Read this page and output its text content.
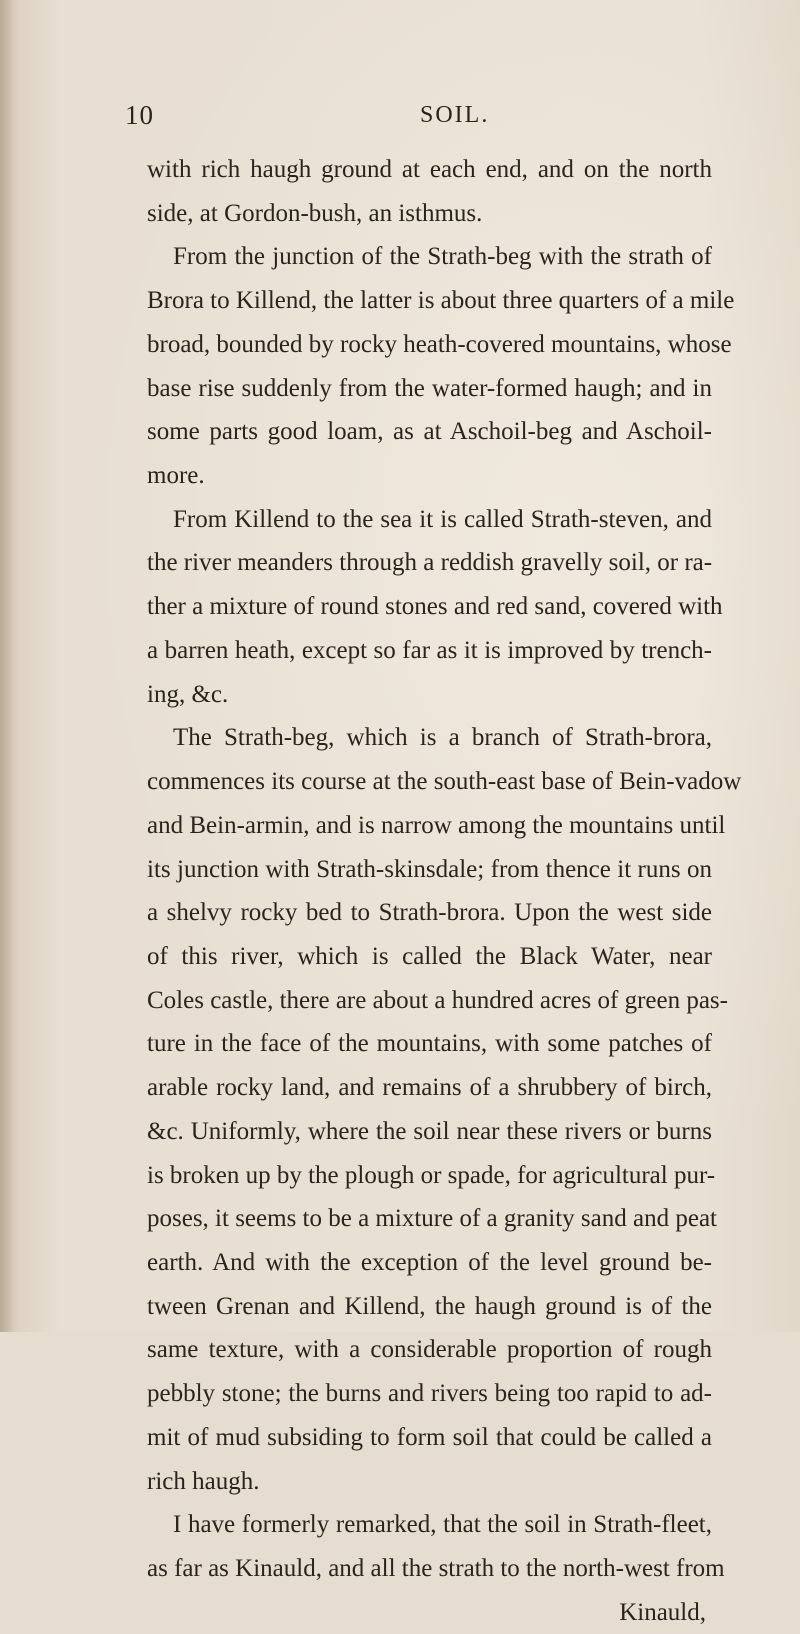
10	SOIL.
with rich haugh ground at each end, and on the north
side, at Gordon-bush, an isthmus.
From the junction of the Strath-beg with the strath of
Brora to Killend, the latter is about three quarters of a mile
broad, bounded by rocky heath-covered mountains, whose
base rise suddenly from the water-formed haugh; and in
some parts good loam, as at Aschoil-beg and Aschoil-
more.
From Killend to the sea it is called Strath-steven, and
the river meanders through a reddish gravelly soil, or ra-
ther a mixture of round stones and red sand, covered with
a barren heath, except so far as it is improved by trench-
ing, &c.
The Strath-beg, which is a branch of Strath-brora,
commences its course at the south-east base of Bein-vadow
and Bein-armin, and is narrow among the mountains until
its junction with Strath-skinsdale; from thence it runs on
a shelvy rocky bed to Strath-brora. Upon the west side
of this river, which is called the Black Water, near
Coles castle, there are about a hundred acres of green pas-
ture in the face of the mountains, with some patches of
arable rocky land, and remains of a shrubbery of birch,
&c. Uniformly, where the soil near these rivers or burns
is broken up by the plough or spade, for agricultural pur-
poses, it seems to be a mixture of a granity sand and peat
earth. And with the exception of the level ground be-
tween Grenan and Killend, the haugh ground is of the
same texture, with a considerable proportion of rough
pebbly stone; the burns and rivers being too rapid to ad-
mit of mud subsiding to form soil that could be called a
rich haugh.
I have formerly remarked, that the soil in Strath-fleet,
as far as Kinauld, and all the strath to the north-west from
Kinauld,
